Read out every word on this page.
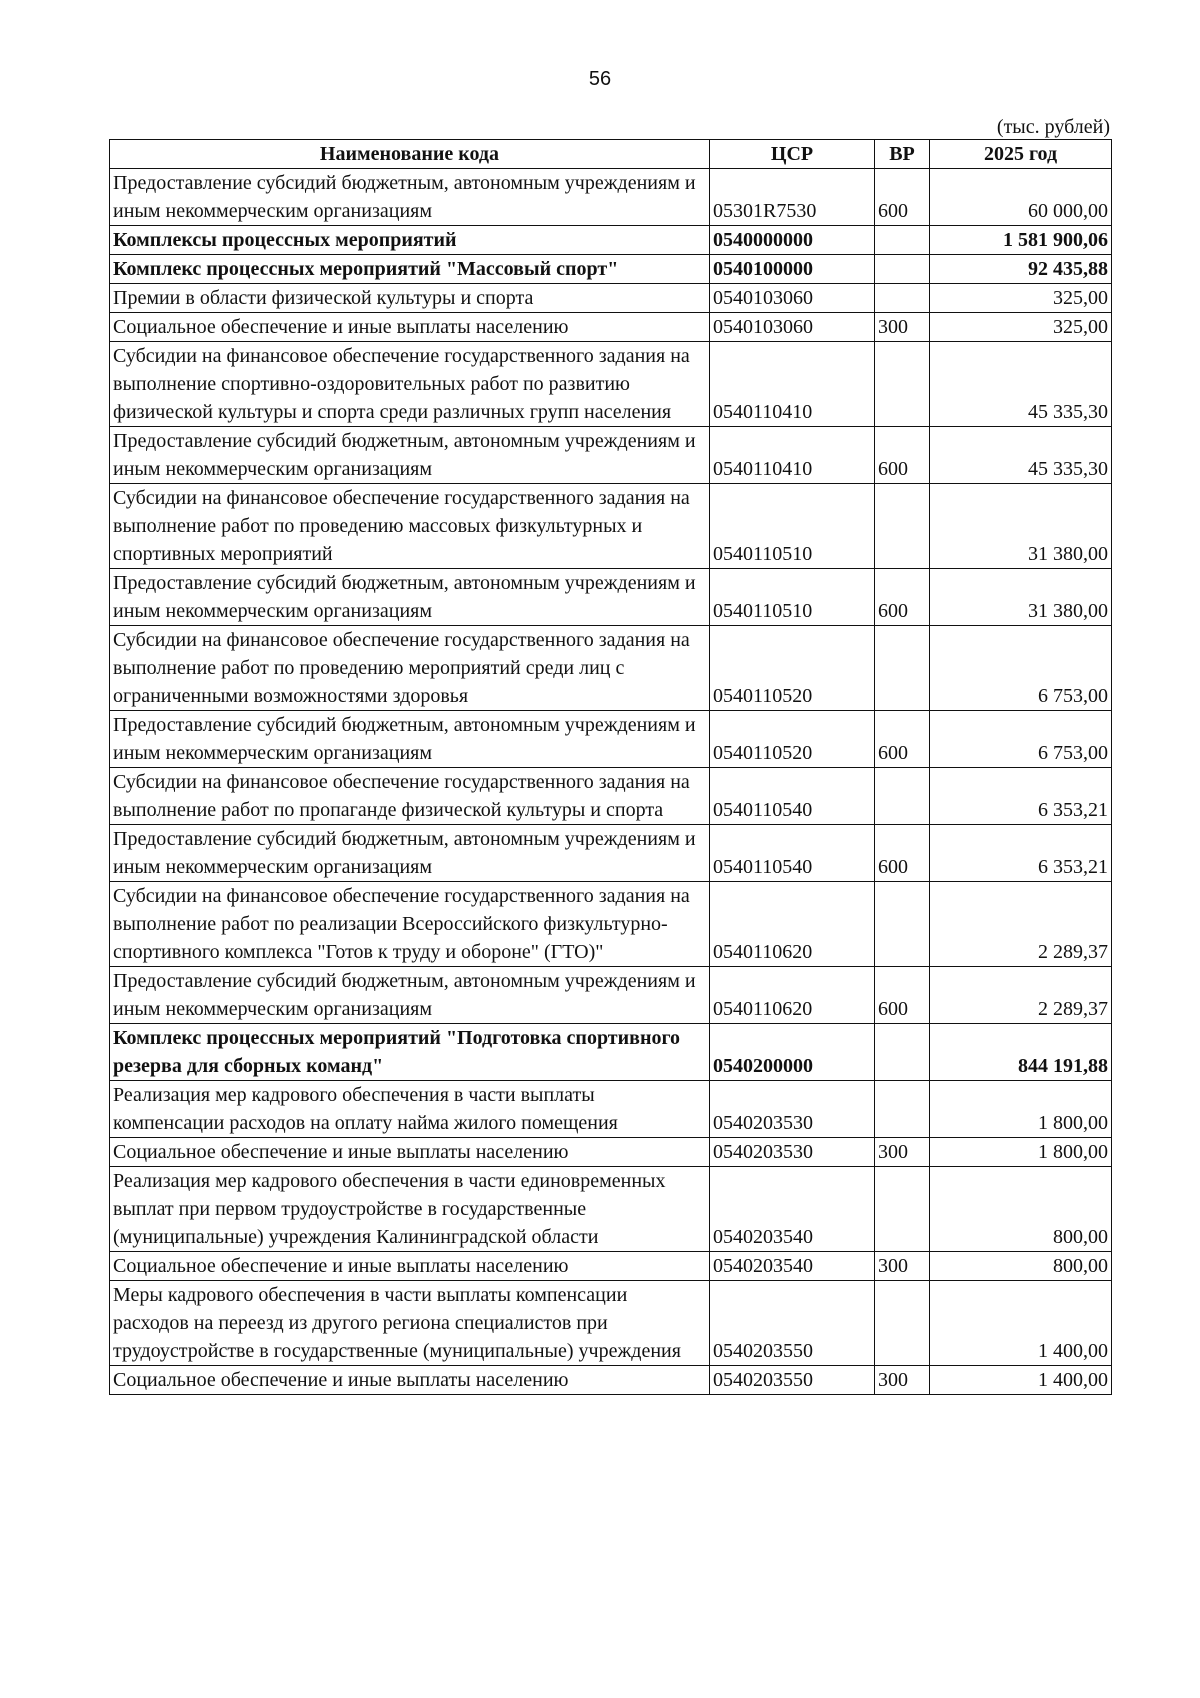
56
(тыс. рублей)
Наименование кода	ЦСР	ВР	2025 год
Предоставление субсидий бюджетным, автономным учреждениям и иным некоммерческим организациям	05301R7530	600	60 000,00
Комплексы процессных мероприятий	0540000000		1 581 900,06
Комплекс процессных мероприятий "Массовый спорт"	0540100000		92 435,88
Премии в области физической культуры и спорта	0540103060		325,00
Социальное обеспечение и иные выплаты населению	0540103060	300	325,00
Субсидии на финансовое обеспечение государственного задания на выполнение спортивно-оздоровительных работ по развитию физической культуры и спорта среди различных групп населения	0540110410		45 335,30
Предоставление субсидий бюджетным, автономным учреждениям и иным некоммерческим организациям	0540110410	600	45 335,30
Субсидии на финансовое обеспечение государственного задания на выполнение работ по проведению массовых физкультурных и спортивных мероприятий	0540110510		31 380,00
Предоставление субсидий бюджетным, автономным учреждениям и иным некоммерческим организациям	0540110510	600	31 380,00
Субсидии на финансовое обеспечение государственного задания на выполнение работ по проведению мероприятий среди лиц с ограниченными возможностями здоровья	0540110520		6 753,00
Предоставление субсидий бюджетным, автономным учреждениям и иным некоммерческим организациям	0540110520	600	6 753,00
Субсидии на финансовое обеспечение государственного задания на выполнение работ по пропаганде физической культуры и спорта	0540110540		6 353,21
Предоставление субсидий бюджетным, автономным учреждениям и иным некоммерческим организациям	0540110540	600	6 353,21
Субсидии на финансовое обеспечение государственного задания на выполнение работ по реализации Всероссийского физкультурно-спортивного комплекса "Готов к труду и обороне" (ГТО)"	0540110620		2 289,37
Предоставление субсидий бюджетным, автономным учреждениям и иным некоммерческим организациям	0540110620	600	2 289,37
Комплекс процессных мероприятий "Подготовка спортивного резерва для сборных команд"	0540200000		844 191,88
Реализация мер кадрового обеспечения в части выплаты компенсации расходов на оплату найма жилого помещения	0540203530		1 800,00
Социальное обеспечение и иные выплаты населению	0540203530	300	1 800,00
Реализация мер кадрового обеспечения в части единовременных выплат при первом трудоустройстве в государственные (муниципальные) учреждения Калининградской области	0540203540		800,00
Социальное обеспечение и иные выплаты населению	0540203540	300	800,00
Меры кадрового обеспечения в части выплаты компенсации расходов на переезд из другого региона специалистов при трудоустройстве в государственные (муниципальные) учреждения	0540203550		1 400,00
Социальное обеспечение и иные выплаты населению	0540203550	300	1 400,00
